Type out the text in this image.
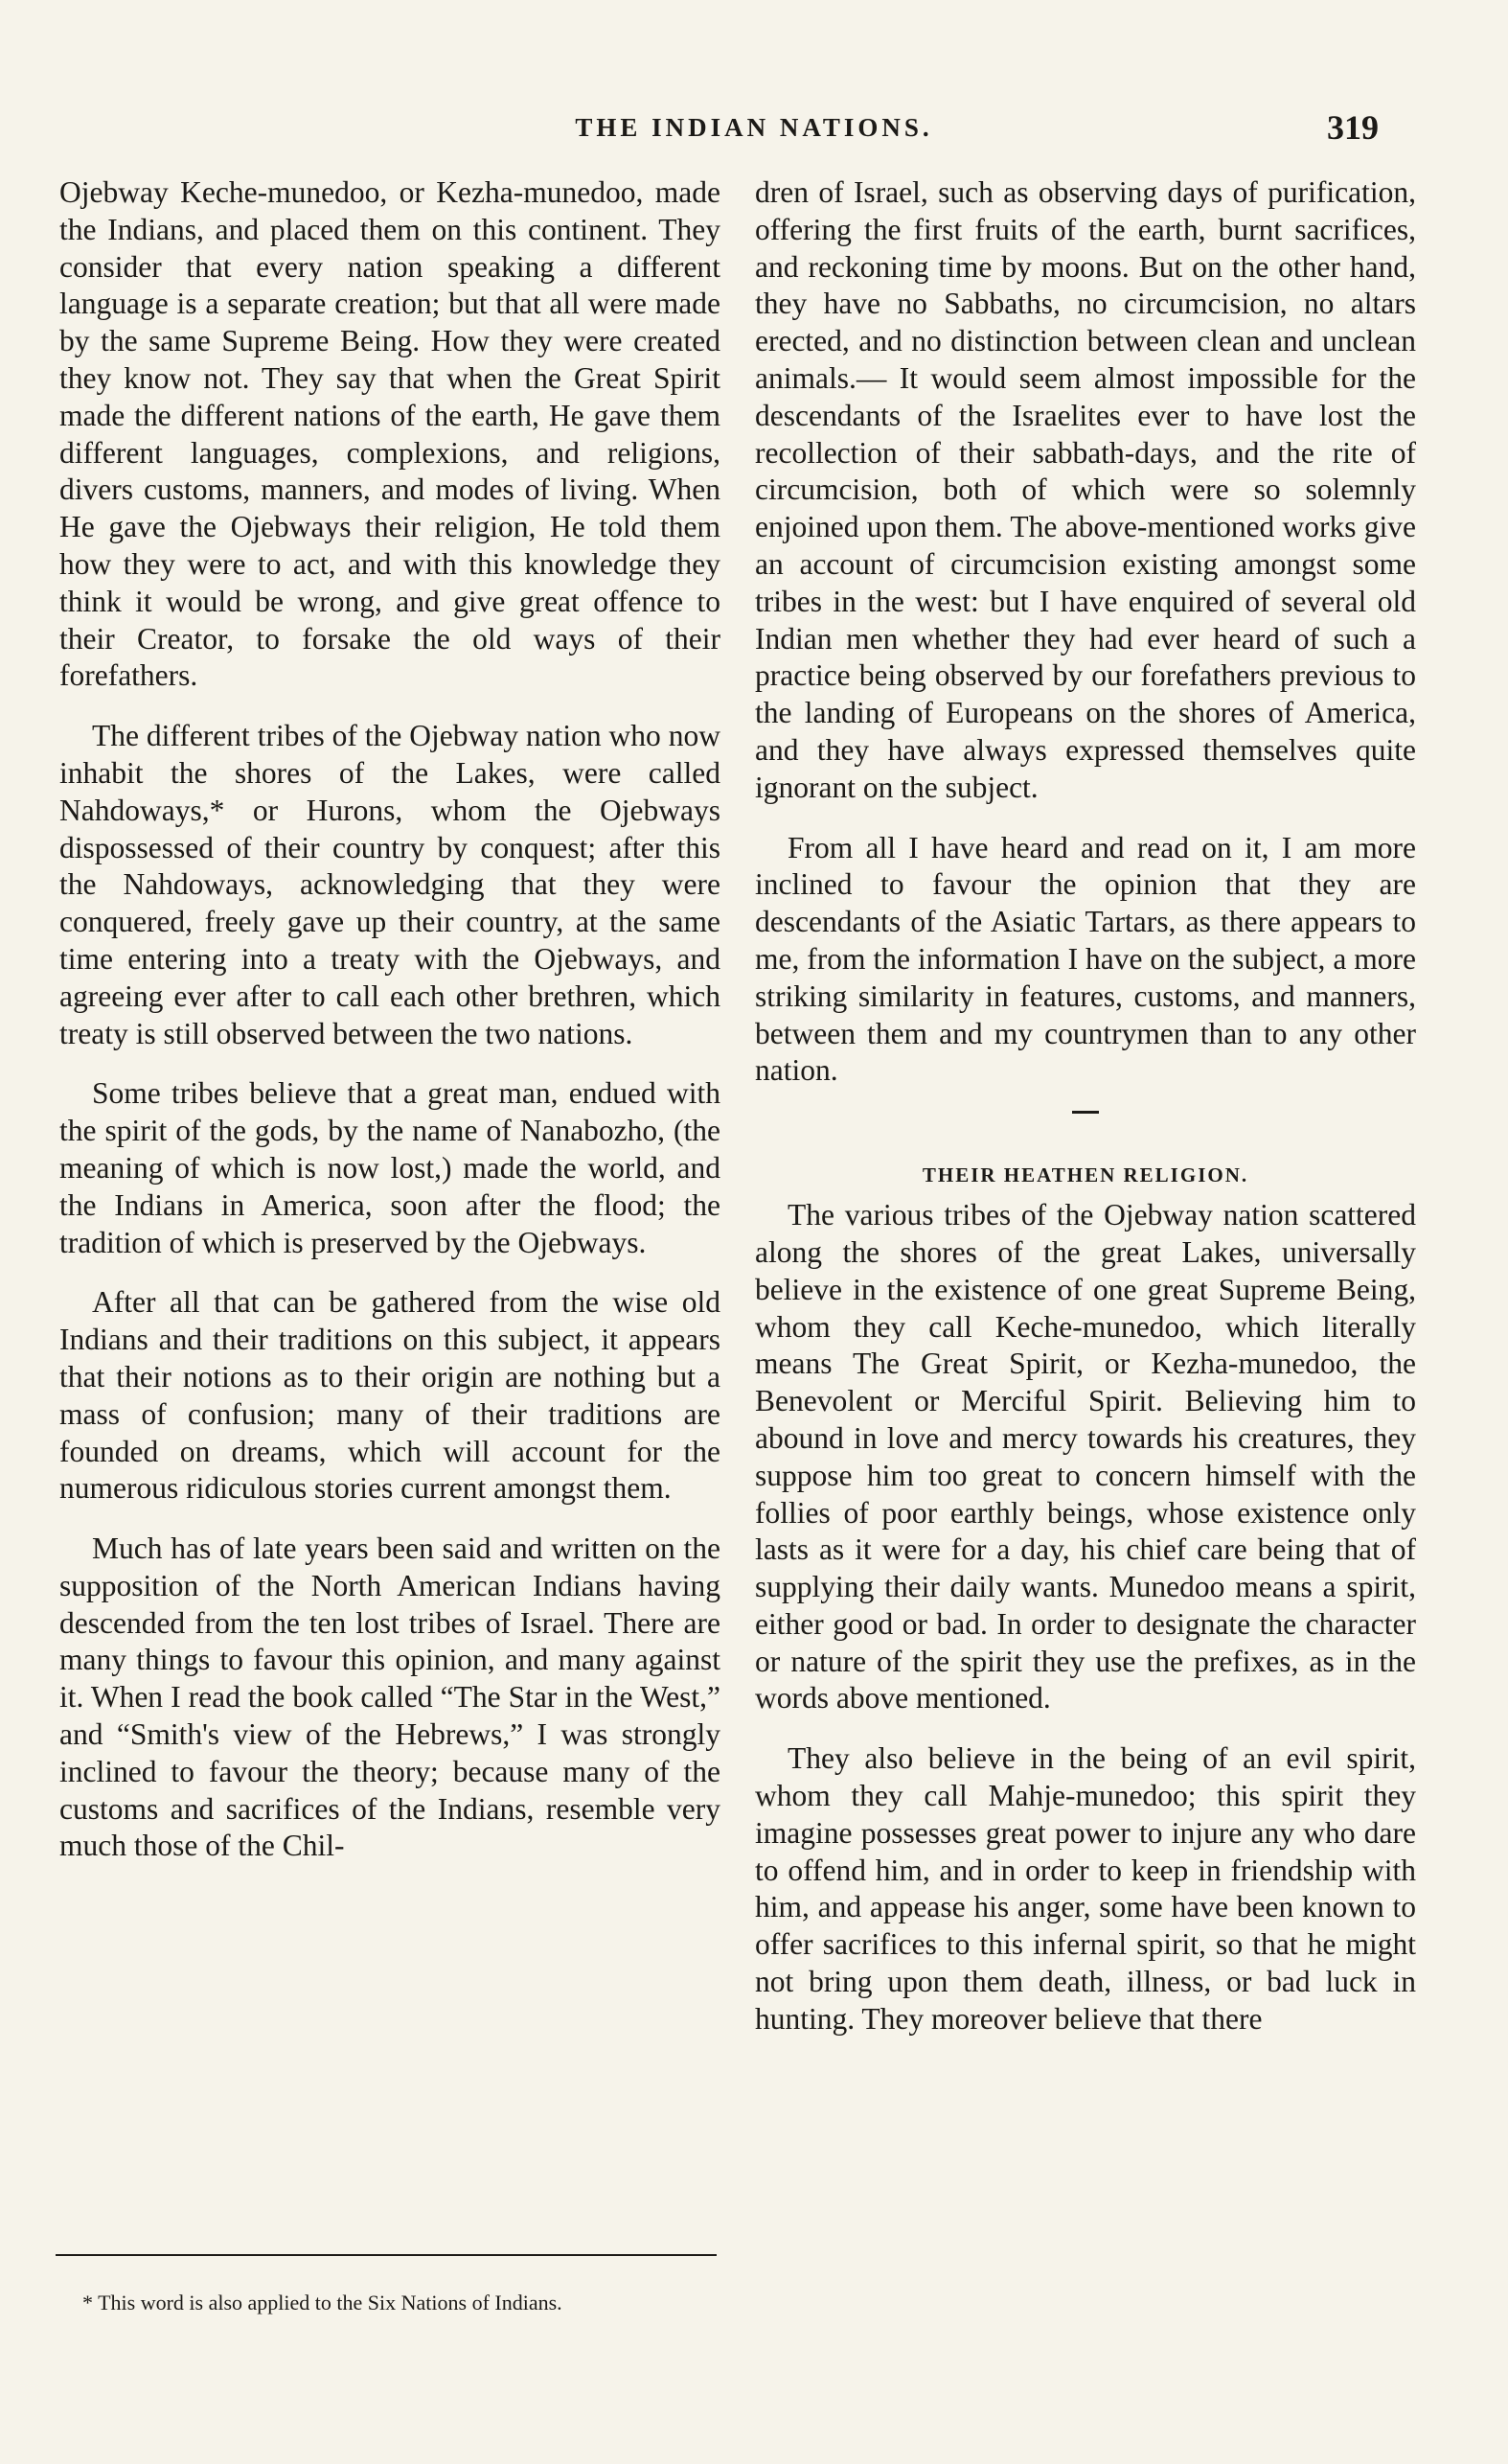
THE INDIAN NATIONS.	319

Ojebway Keche-munedoo, or Kezha-munedoo, made the Indians, and placed them on this continent. They consider that every nation speaking a different language is a separate creation; but that all were made by the same Supreme Being. How they were created they know not. They say that when the Great Spirit made the different nations of the earth, He gave them different languages, complexions, and religions, divers customs, manners, and modes of living. When He gave the Ojebways their religion, He told them how they were to act, and with this knowledge they think it would be wrong, and give great offence to their Creator, to forsake the old ways of their forefathers.

The different tribes of the Ojebway nation who now inhabit the shores of the Lakes, were called Nahdoways,* or Hurons, whom the Ojebways dispossessed of their country by conquest; after this the Nahdoways, acknowledging that they were conquered, freely gave up their country, at the same time entering into a treaty with the Ojebways, and agreeing ever after to call each other brethren, which treaty is still observed between the two nations.

Some tribes believe that a great man, endued with the spirit of the gods, by the name of Nanabozho, (the meaning of which is now lost,) made the world, and the Indians in America, soon after the flood; the tradition of which is preserved by the Ojebways.

After all that can be gathered from the wise old Indians and their traditions on this subject, it appears that their notions as to their origin are nothing but a mass of confusion; many of their traditions are founded on dreams, which will account for the numerous ridiculous stories current amongst them.

Much has of late years been said and written on the supposition of the North American Indians having descended from the ten lost tribes of Israel. There are many things to favour this opinion, and many against it. When I read the book called “The Star in the West,” and “Smith's view of the Hebrews,” I was strongly inclined to favour the theory; because many of the customs and sacrifices of the Indians, resemble very much those of the Chil-

dren of Israel, such as observing days of purification, offering the first fruits of the earth, burnt sacrifices, and reckoning time by moons. But on the other hand, they have no Sabbaths, no circumcision, no altars erected, and no distinction between clean and unclean animals.— It would seem almost impossible for the descendants of the Israelites ever to have lost the recollection of their sabbath-days, and the rite of circumcision, both of which were so solemnly enjoined upon them. The above-mentioned works give an account of circumcision existing amongst some tribes in the west: but I have enquired of several old Indian men whether they had ever heard of such a practice being observed by our forefathers previous to the landing of Europeans on the shores of America, and they have always expressed themselves quite ignorant on the subject.

From all I have heard and read on it, I am more inclined to favour the opinion that they are descendants of the Asiatic Tartars, as there appears to me, from the information I have on the subject, a more striking similarity in features, customs, and manners, between them and my countrymen than to any other nation.

THEIR HEATHEN RELIGION.

The various tribes of the Ojebway nation scattered along the shores of the great Lakes, universally believe in the existence of one great Supreme Being, whom they call Keche-munedoo, which literally means The Great Spirit, or Kezha-munedoo, the Benevolent or Merciful Spirit. Believing him to abound in love and mercy towards his creatures, they suppose him too great to concern himself with the follies of poor earthly beings, whose existence only lasts as it were for a day, his chief care being that of supplying their daily wants. Munedoo means a spirit, either good or bad. In order to designate the character or nature of the spirit they use the prefixes, as in the words above mentioned.

They also believe in the being of an evil spirit, whom they call Mahje-munedoo; this spirit they imagine possesses great power to injure any who dare to offend him, and in order to keep in friendship with him, and appease his anger, some have been known to offer sacrifices to this infernal spirit, so that he might not bring upon them death, illness, or bad luck in hunting. They moreover believe that there

* This word is also applied to the Six Nations of Indians.
